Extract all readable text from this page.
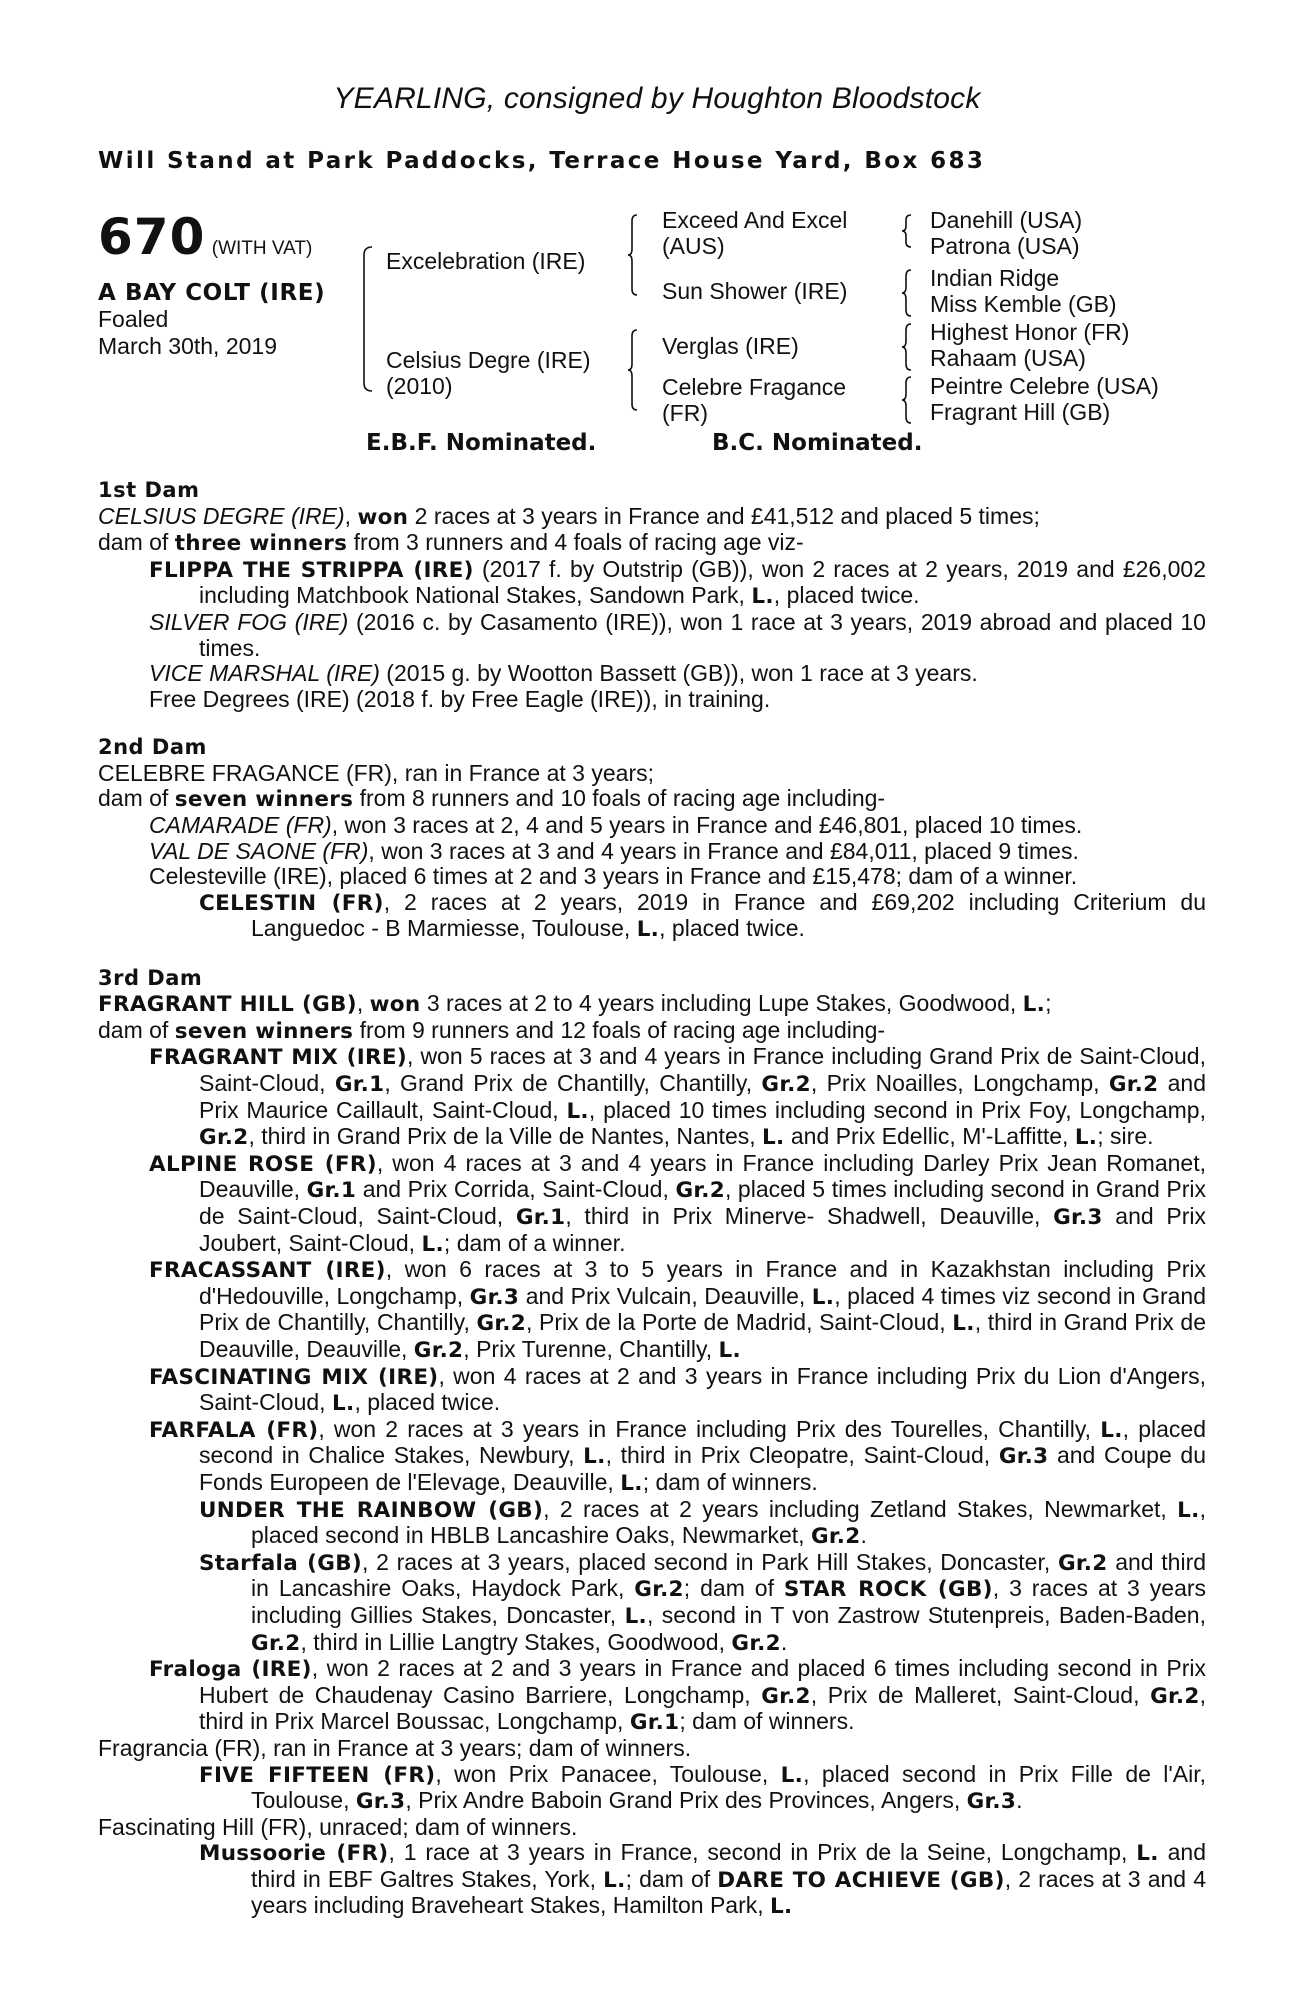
YEARLING, consigned by Houghton Bloodstock
Will Stand at Park Paddocks, Terrace House Yard, Box 683
670 (WITH VAT)
A BAY COLT (IRE)
Foaled
March 30th, 2019
Excelebration (IRE)
Celsius Degre (IRE)
(2010)
Exceed And Excel
(AUS)
Sun Shower (IRE)
Verglas (IRE)
Celebre Fragance
(FR)
Danehill (USA)
Patrona (USA)
Indian Ridge
Miss Kemble (GB)
Highest Honor (FR)
Rahaam (USA)
Peintre Celebre (USA)
Fragrant Hill (GB)
E.B.F. Nominated.	B.C. Nominated.

1st Dam

CELSIUS DEGRE (IRE), won 2 races at 3 years in France and £41,512 and placed 5 times;

dam of three winners from 3 runners and 4 foals of racing age viz-

FLIPPA THE STRIPPA (IRE) (2017 f. by Outstrip (GB)), won 2 races at 2 years, 2019 and £26,002 including Matchbook National Stakes, Sandown Park, L., placed twice.

SILVER FOG (IRE) (2016 c. by Casamento (IRE)), won 1 race at 3 years, 2019 abroad and placed 10 times.

VICE MARSHAL (IRE) (2015 g. by Wootton Bassett (GB)), won 1 race at 3 years.

Free Degrees (IRE) (2018 f. by Free Eagle (IRE)), in training.

2nd Dam

CELEBRE FRAGANCE (FR), ran in France at 3 years;

dam of seven winners from 8 runners and 10 foals of racing age including-

CAMARADE (FR), won 3 races at 2, 4 and 5 years in France and £46,801, placed 10 times.

VAL DE SAONE (FR), won 3 races at 3 and 4 years in France and £84,011, placed 9 times.

Celesteville (IRE), placed 6 times at 2 and 3 years in France and £15,478; dam of a winner.

CELESTIN (FR), 2 races at 2 years, 2019 in France and £69,202 including Criterium du Languedoc - B Marmiesse, Toulouse, L., placed twice.

3rd Dam

FRAGRANT HILL (GB), won 3 races at 2 to 4 years including Lupe Stakes, Goodwood, L.;

dam of seven winners from 9 runners and 12 foals of racing age including-

FRAGRANT MIX (IRE), won 5 races at 3 and 4 years in France including Grand Prix de Saint-Cloud, Saint-Cloud, Gr.1, Grand Prix de Chantilly, Chantilly, Gr.2, Prix Noailles, Longchamp, Gr.2 and Prix Maurice Caillault, Saint-Cloud, L., placed 10 times including second in Prix Foy, Longchamp, Gr.2, third in Grand Prix de la Ville de Nantes, Nantes, L. and Prix Edellic, M'-Laffitte, L.; sire.

ALPINE ROSE (FR), won 4 races at 3 and 4 years in France including Darley Prix Jean Romanet, Deauville, Gr.1 and Prix Corrida, Saint-Cloud, Gr.2, placed 5 times including second in Grand Prix de Saint-Cloud, Saint-Cloud, Gr.1, third in Prix Minerve- Shadwell, Deauville, Gr.3 and Prix Joubert, Saint-Cloud, L.; dam of a winner.

FRACASSANT (IRE), won 6 races at 3 to 5 years in France and in Kazakhstan including Prix d'Hedouville, Longchamp, Gr.3 and Prix Vulcain, Deauville, L., placed 4 times viz second in Grand Prix de Chantilly, Chantilly, Gr.2, Prix de la Porte de Madrid, Saint-Cloud, L., third in Grand Prix de Deauville, Deauville, Gr.2, Prix Turenne, Chantilly, L.

FASCINATING MIX (IRE), won 4 races at 2 and 3 years in France including Prix du Lion d'Angers, Saint-Cloud, L., placed twice.

FARFALA (FR), won 2 races at 3 years in France including Prix des Tourelles, Chantilly, L., placed second in Chalice Stakes, Newbury, L., third in Prix Cleopatre, Saint-Cloud, Gr.3 and Coupe du Fonds Europeen de l'Elevage, Deauville, L.; dam of winners.

UNDER THE RAINBOW (GB), 2 races at 2 years including Zetland Stakes, Newmarket, L., placed second in HBLB Lancashire Oaks, Newmarket, Gr.2.

Starfala (GB), 2 races at 3 years, placed second in Park Hill Stakes, Doncaster, Gr.2 and third in Lancashire Oaks, Haydock Park, Gr.2; dam of STAR ROCK (GB), 3 races at 3 years including Gillies Stakes, Doncaster, L., second in T von Zastrow Stutenpreis, Baden-Baden, Gr.2, third in Lillie Langtry Stakes, Goodwood, Gr.2.

Fraloga (IRE), won 2 races at 2 and 3 years in France and placed 6 times including second in Prix Hubert de Chaudenay Casino Barriere, Longchamp, Gr.2, Prix de Malleret, Saint-Cloud, Gr.2, third in Prix Marcel Boussac, Longchamp, Gr.1; dam of winners.

Fragrancia (FR), ran in France at 3 years; dam of winners.

FIVE FIFTEEN (FR), won Prix Panacee, Toulouse, L., placed second in Prix Fille de l'Air, Toulouse, Gr.3, Prix Andre Baboin Grand Prix des Provinces, Angers, Gr.3.

Fascinating Hill (FR), unraced; dam of winners.

Mussoorie (FR), 1 race at 3 years in France, second in Prix de la Seine, Longchamp, L. and third in EBF Galtres Stakes, York, L.; dam of DARE TO ACHIEVE (GB), 2 races at 3 and 4 years including Braveheart Stakes, Hamilton Park, L.
